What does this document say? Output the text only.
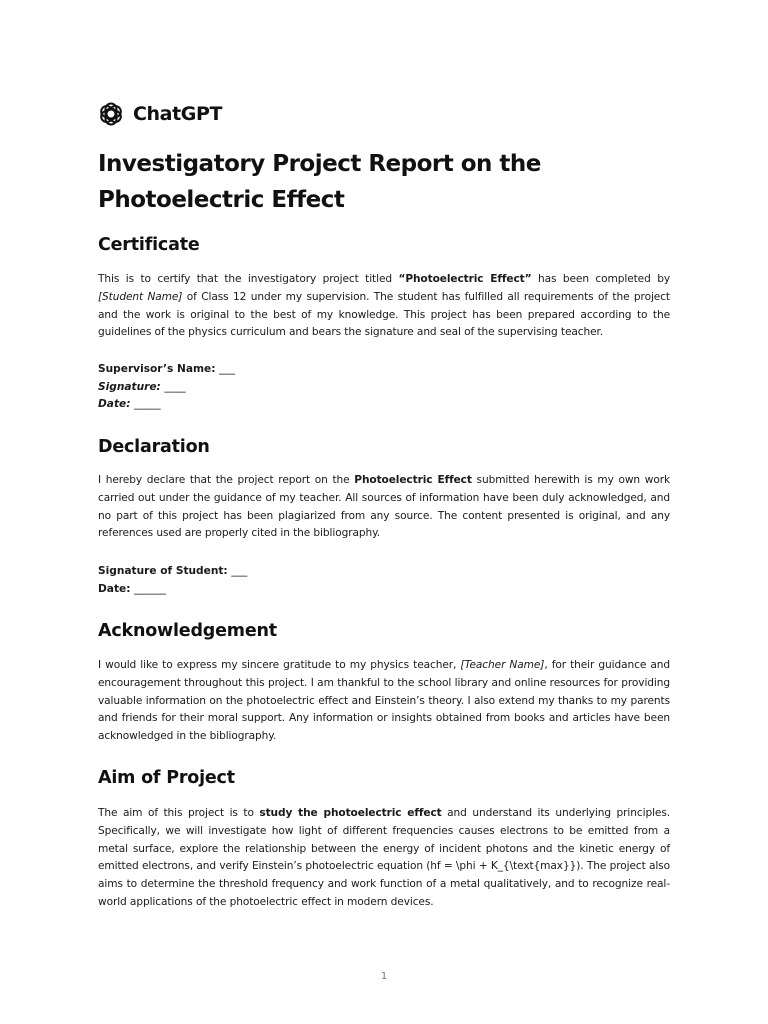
ChatGPT
Investigatory Project Report on the Photoelectric Effect
Certificate

This is to certify that the investigatory project titled “Photoelectric Effect” has been completed by [Student Name] of Class 12 under my supervision. The student has fulfilled all requirements of the project and the work is original to the best of my knowledge. This project has been prepared according to the guidelines of the physics curriculum and bears the signature and seal of the supervising teacher.

Supervisor’s Name: ___
Signature: ____
Date: _____
Declaration

I hereby declare that the project report on the Photoelectric Effect submitted herewith is my own work carried out under the guidance of my teacher. All sources of information have been duly acknowledged, and no part of this project has been plagiarized from any source. The content presented is original, and any references used are properly cited in the bibliography.

Signature of Student: ___
Date: ______
Acknowledgement

I would like to express my sincere gratitude to my physics teacher, [Teacher Name], for their guidance and encouragement throughout this project. I am thankful to the school library and online resources for providing valuable information on the photoelectric effect and Einstein’s theory. I also extend my thanks to my parents and friends for their moral support. Any information or insights obtained from books and articles have been acknowledged in the bibliography.

Aim of Project

The aim of this project is to study the photoelectric effect and understand its underlying principles. Specifically, we will investigate how light of different frequencies causes electrons to be emitted from a metal surface, explore the relationship between the energy of incident photons and the kinetic energy of emitted electrons, and verify Einstein’s photoelectric equation (hf = \phi + K_{\text{max}}). The project also aims to determine the threshold frequency and work function of a metal qualitatively, and to recognize real-world applications of the photoelectric effect in modern devices.

1
